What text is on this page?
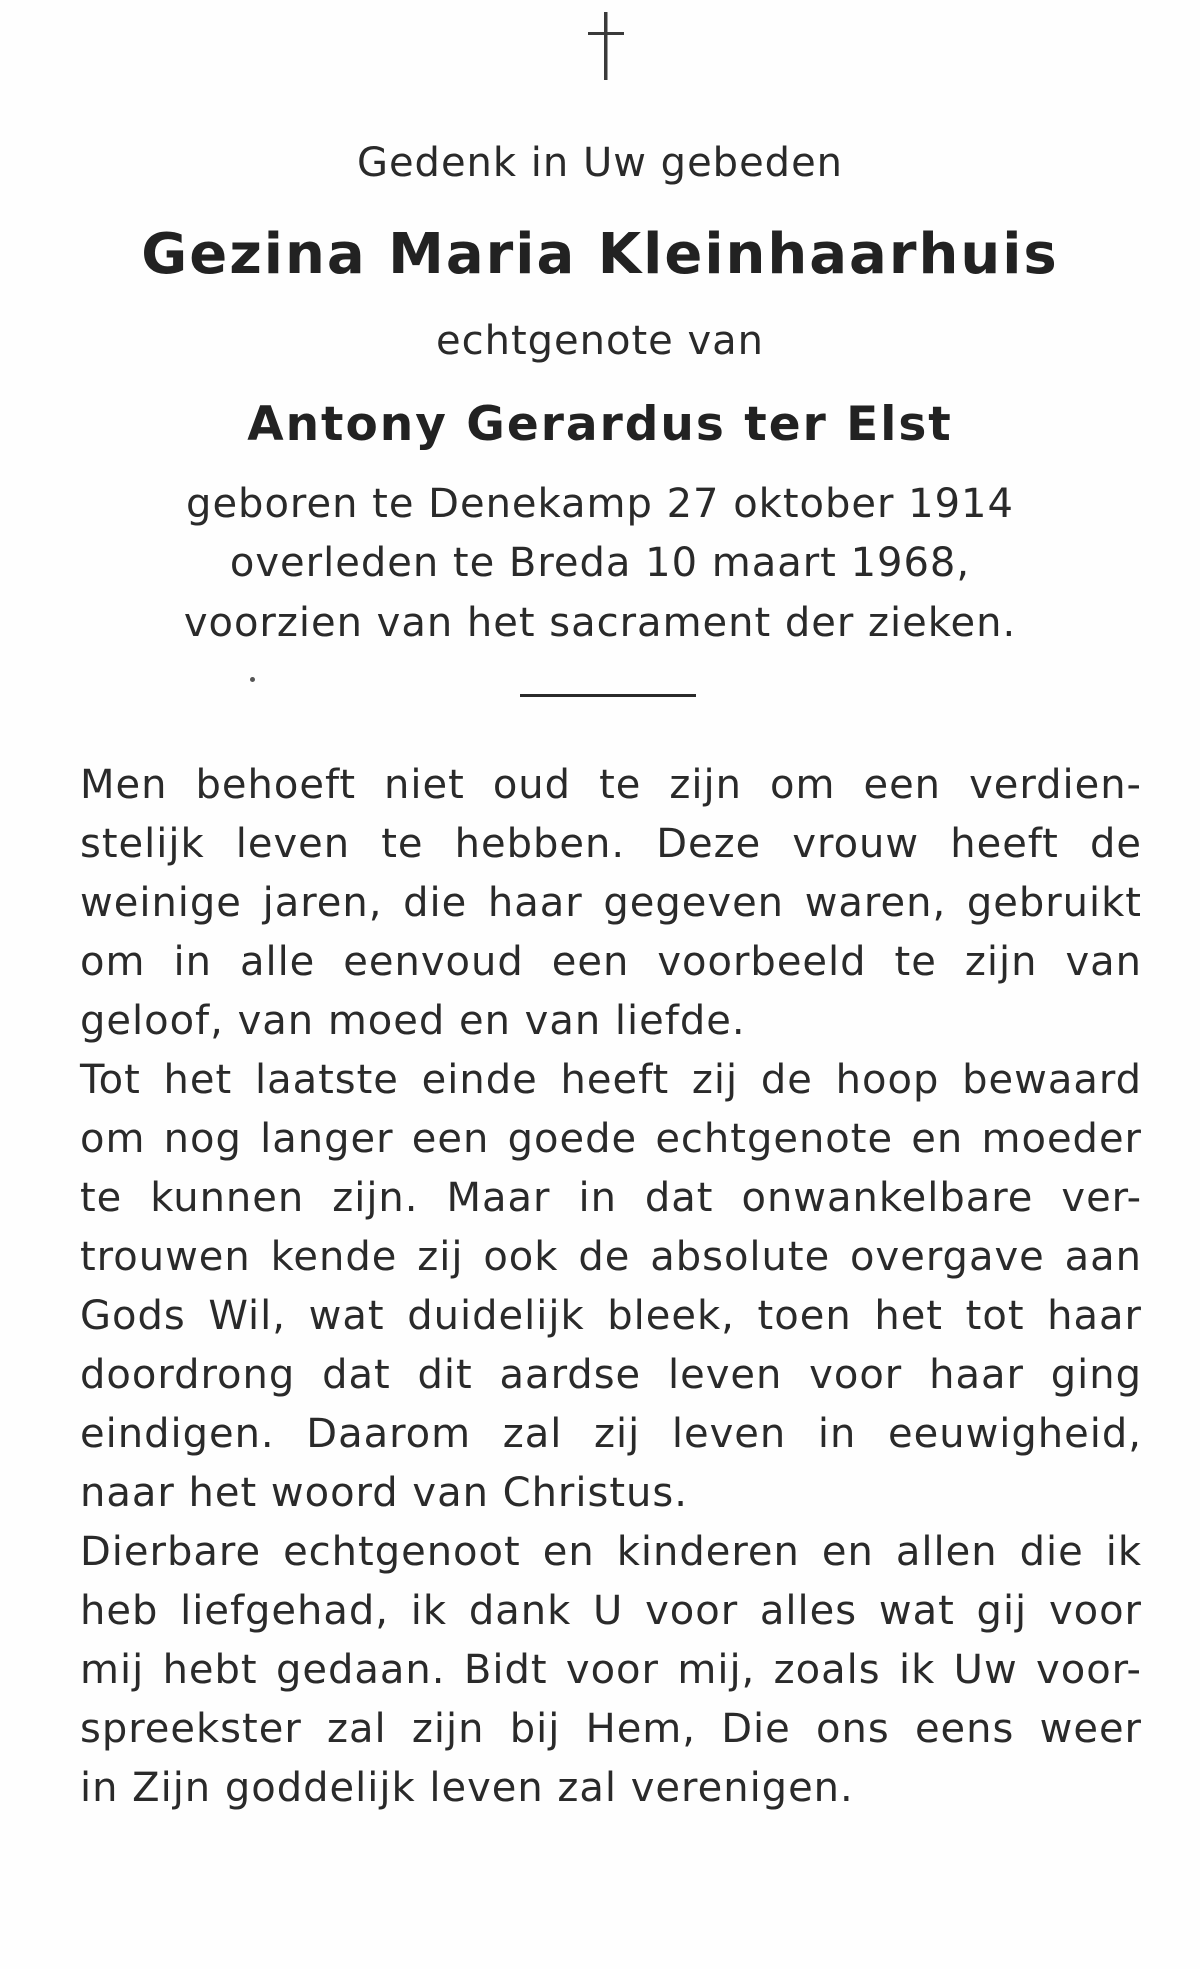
Gedenk in Uw gebeden
Gezina Maria Kleinhaarhuis
echtgenote van
Antony Gerardus ter Elst
geboren te Denekamp 27 oktober 1914
overleden te Breda 10 maart 1968,
voorzien van het sacrament der zieken.
Men behoeft niet oud te zijn om een verdien-
stelijk leven te hebben. Deze vrouw heeft de
weinige jaren, die haar gegeven waren, gebruikt
om in alle eenvoud een voorbeeld te zijn van
geloof, van moed en van liefde.
Tot het laatste einde heeft zij de hoop bewaard
om nog langer een goede echtgenote en moeder
te kunnen zijn. Maar in dat onwankelbare ver-
trouwen kende zij ook de absolute overgave aan
Gods Wil, wat duidelijk bleek, toen het tot haar
doordrong dat dit aardse leven voor haar ging
eindigen. Daarom zal zij leven in eeuwigheid,
naar het woord van Christus.
Dierbare echtgenoot en kinderen en allen die ik
heb liefgehad, ik dank U voor alles wat gij voor
mij hebt gedaan. Bidt voor mij, zoals ik Uw voor-
spreekster zal zijn bij Hem, Die ons eens weer
in Zijn goddelijk leven zal verenigen.
